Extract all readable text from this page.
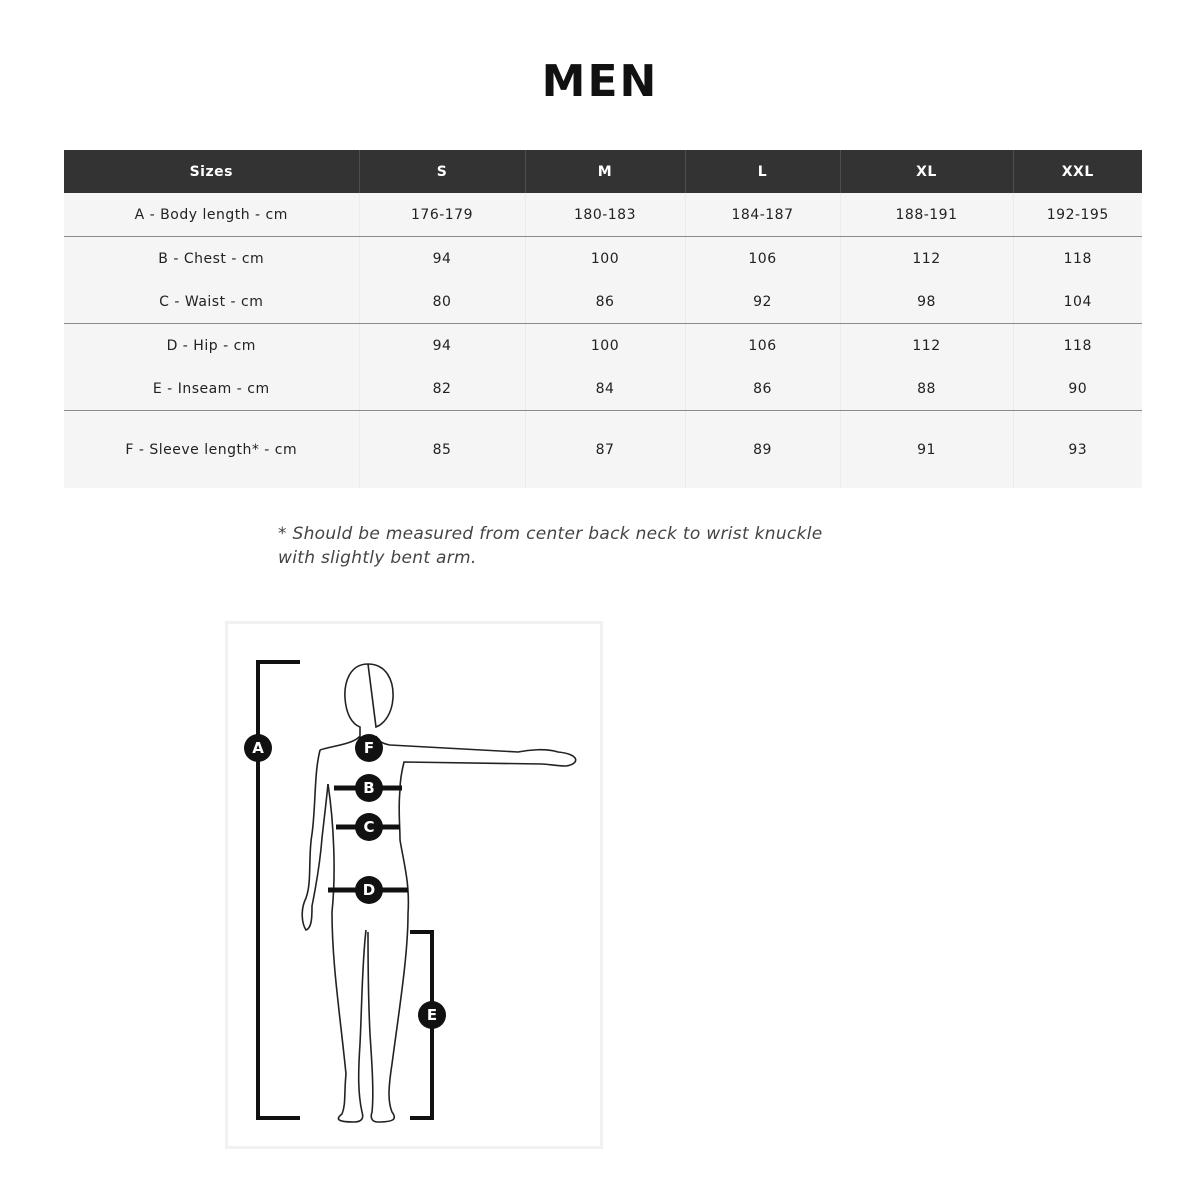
MEN
Sizes	S	M	L	XL	XXL
A - Body length - cm	176-179	180-183	184-187	188-191	192-195
B - Chest - cm	94	100	106	112	118
C - Waist - cm	80	86	92	98	104
D - Hip - cm	94	100	106	112	118
E - Inseam - cm	82	84	86	88	90
F - Sleeve length* - cm	85	87	89	91	93
* Should be measured from center back neck to wrist knuckle
with slightly bent arm.
A	F
B
C
D
E
